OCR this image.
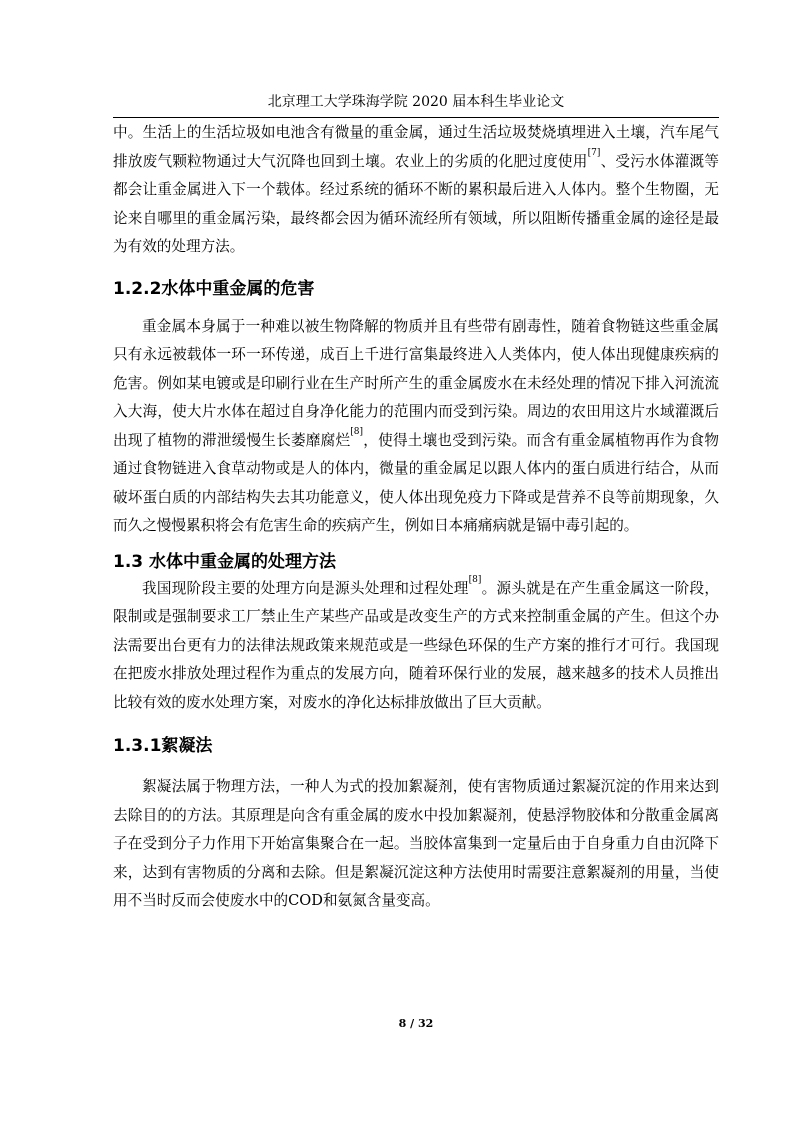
北京理工大学珠海学院 2020 届本科生毕业论文

中。生活上的生活垃圾如电池含有微量的重金属，通过生活垃圾焚烧填埋进入土壤，汽车尾气排放废气颗粒物通过大气沉降也回到土壤。农业上的劣质的化肥过度使用[7]、受污水体灌溉等都会让重金属进入下一个载体。经过系统的循环不断的累积最后进入人体内。整个生物圈，无论来自哪里的重金属污染，最终都会因为循环流经所有领域，所以阻断传播重金属的途径是最为有效的处理方法。

1.2.2水体中重金属的危害

重金属本身属于一种难以被生物降解的物质并且有些带有剧毒性，随着食物链这些重金属只有永远被载体一环一环传递，成百上千进行富集最终进入人类体内，使人体出现健康疾病的危害。例如某电镀或是印刷行业在生产时所产生的重金属废水在未经处理的情况下排入河流流入大海，使大片水体在超过自身净化能力的范围内而受到污染。周边的农田用这片水域灌溉后出现了植物的滞泄缓慢生长萎靡腐烂[8]，使得土壤也受到污染。而含有重金属植物再作为食物通过食物链进入食草动物或是人的体内，微量的重金属足以跟人体内的蛋白质进行结合，从而破坏蛋白质的内部结构失去其功能意义，使人体出现免疫力下降或是营养不良等前期现象，久而久之慢慢累积将会有危害生命的疾病产生，例如日本痛痛病就是镉中毒引起的。

1.3 水体中重金属的处理方法

我国现阶段主要的处理方向是源头处理和过程处理[8]。源头就是在产生重金属这一阶段，限制或是强制要求工厂禁止生产某些产品或是改变生产的方式来控制重金属的产生。但这个办法需要出台更有力的法律法规政策来规范或是一些绿色环保的生产方案的推行才可行。我国现在把废水排放处理过程作为重点的发展方向，随着环保行业的发展，越来越多的技术人员推出比较有效的废水处理方案，对废水的净化达标排放做出了巨大贡献。

1.3.1絮凝法

絮凝法属于物理方法，一种人为式的投加絮凝剂，使有害物质通过絮凝沉淀的作用来达到去除目的的方法。其原理是向含有重金属的废水中投加絮凝剂，使悬浮物胶体和分散重金属离子在受到分子力作用下开始富集聚合在一起。当胶体富集到一定量后由于自身重力自由沉降下来，达到有害物质的分离和去除。但是絮凝沉淀这种方法使用时需要注意絮凝剂的用量，当使用不当时反而会使废水中的COD和氨氮含量变高。

8 / 32
